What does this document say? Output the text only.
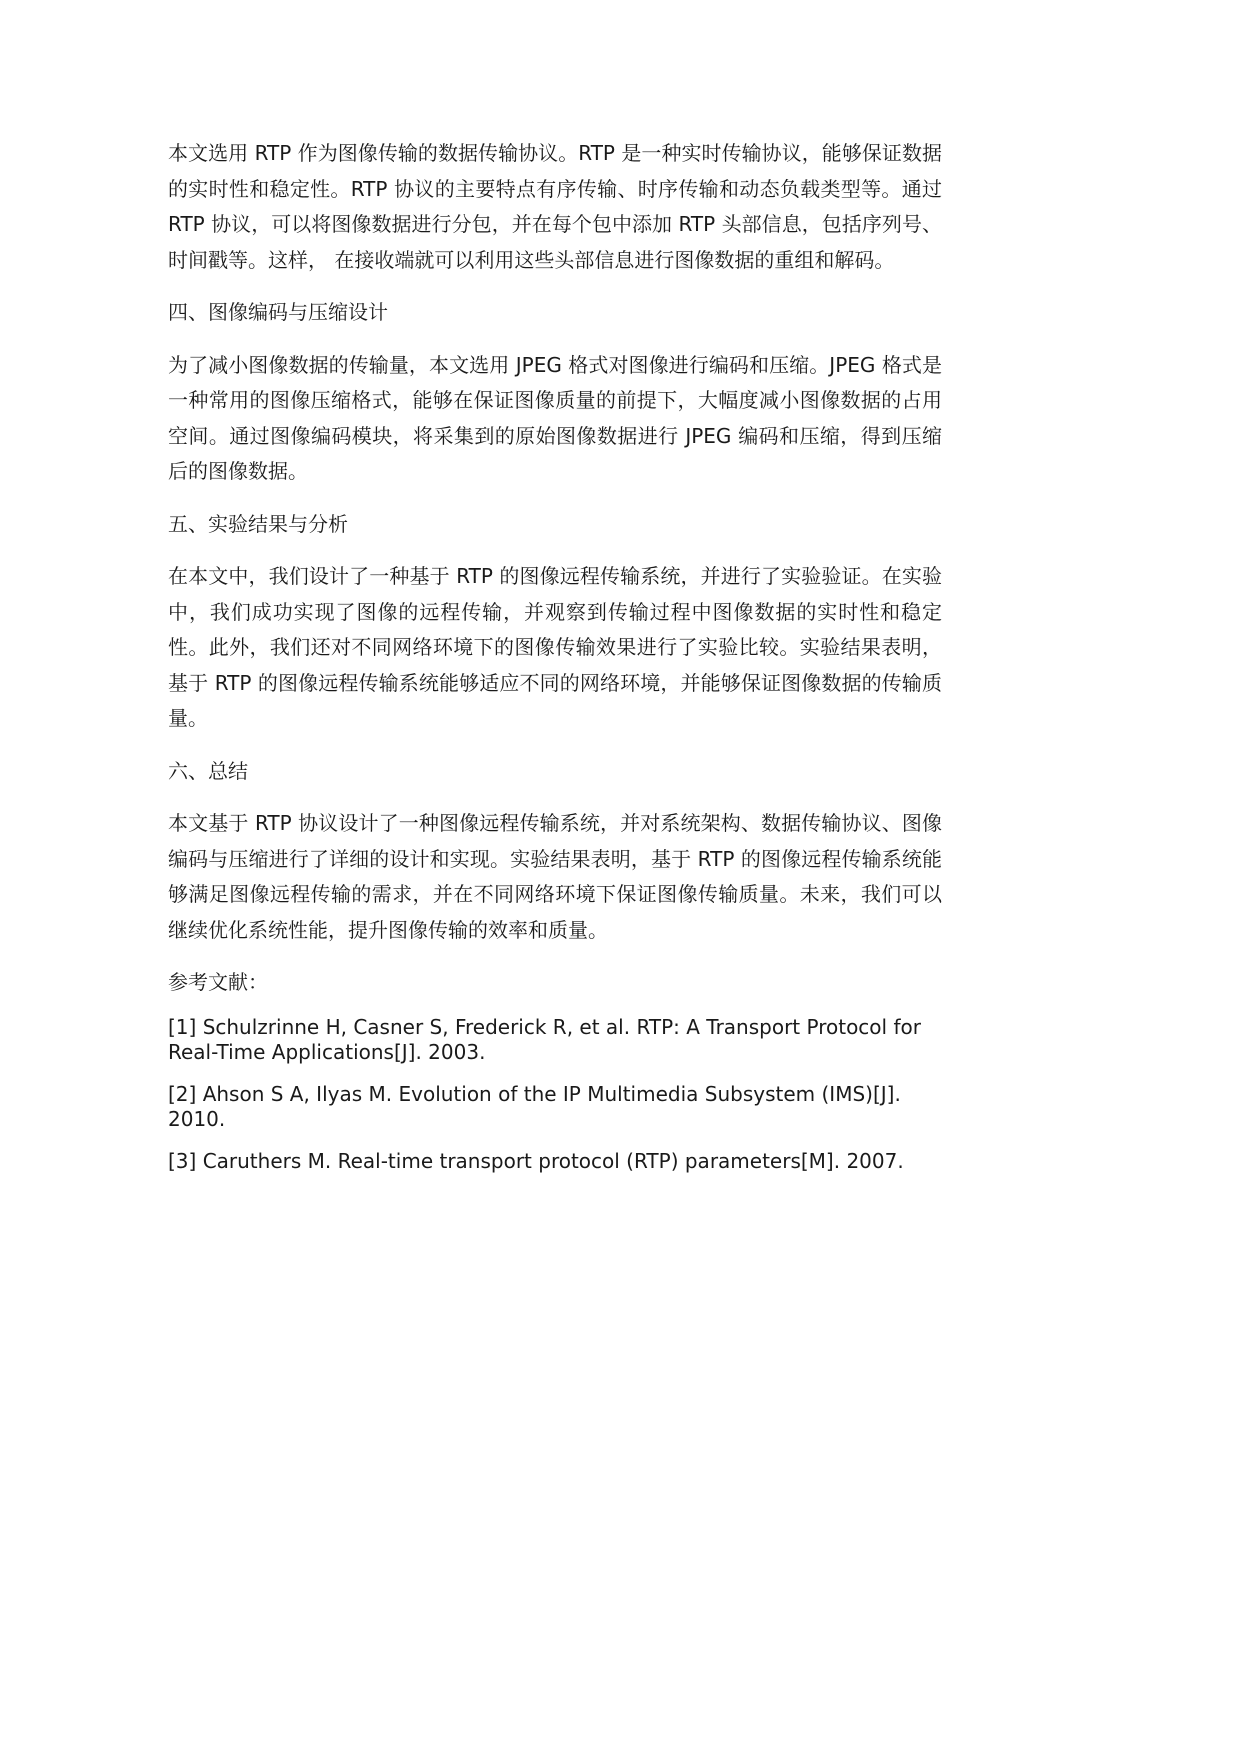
本文选用 RTP 作为图像传输的数据传输协议。RTP 是一种实时传输协议，能够保证数据的实时性和稳定性。RTP 协议的主要特点有序传输、时序传输和动态负载类型等。通过 RTP 协议，可以将图像数据进行分包，并在每个包中添加 RTP 头部信息，包括序列号、时间戳等。这样， 在接收端就可以利用这些头部信息进行图像数据的重组和解码。

四、图像编码与压缩设计

为了减小图像数据的传输量，本文选用 JPEG 格式对图像进行编码和压缩。JPEG 格式是一种常用的图像压缩格式，能够在保证图像质量的前提下，大幅度减小图像数据的占用空间。通过图像编码模块，将采集到的原始图像数据进行 JPEG 编码和压缩，得到压缩后的图像数据。

五、实验结果与分析

在本文中，我们设计了一种基于 RTP 的图像远程传输系统，并进行了实验验证。在实验中，我们成功实现了图像的远程传输，并观察到传输过程中图像数据的实时性和稳定性。此外，我们还对不同网络环境下的图像传输效果进行了实验比较。实验结果表明，基于 RTP 的图像远程传输系统能够适应不同的网络环境，并能够保证图像数据的传输质量。

六、总结

本文基于 RTP 协议设计了一种图像远程传输系统，并对系统架构、数据传输协议、图像编码与压缩进行了详细的设计和实现。实验结果表明，基于 RTP 的图像远程传输系统能够满足图像远程传输的需求，并在不同网络环境下保证图像传输质量。未来，我们可以继续优化系统性能，提升图像传输的效率和质量。

参考文献：

[1] Schulzrinne H, Casner S, Frederick R, et al. RTP: A Transport Protocol for Real-Time Applications[J]. 2003.

[2] Ahson S A, Ilyas M. Evolution of the IP Multimedia Subsystem (IMS)[J]. 2010.

[3] Caruthers M. Real-time transport protocol (RTP) parameters[M]. 2007.
